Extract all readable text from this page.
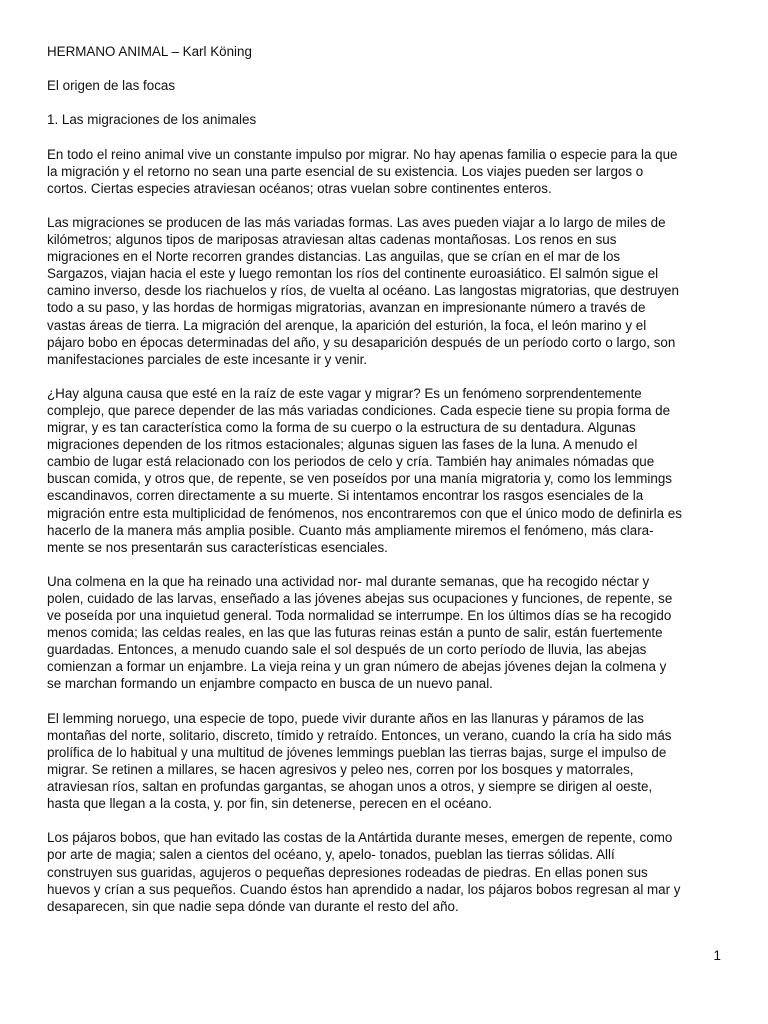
HERMANO ANIMAL – Karl Köning

El origen de las focas

1. Las migraciones de los animales

En todo el reino animal vive un constante impulso por migrar. No hay apenas familia o especie para la que
la migración y el retorno no sean una parte esencial de su existencia. Los viajes pueden ser largos o
cortos. Ciertas especies atraviesan océanos; otras vuelan sobre continentes enteros.

Las migraciones se producen de las más variadas formas. Las aves pueden viajar a lo largo de miles de
kilómetros; algunos tipos de mariposas atraviesan altas cadenas montañosas. Los renos en sus
migraciones en el Norte recorren grandes distancias. Las anguilas, que se crían en el mar de los
Sargazos, viajan hacia el este y luego remontan los ríos del continente euroasiático. El salmón sigue el
camino inverso, desde los riachuelos y ríos, de vuelta al océano. Las langostas migratorias, que destruyen
todo a su paso, y las hordas de hormigas migratorias, avanzan en impresionante número a través de
vastas áreas de tierra. La migración del arenque, la aparición del esturión, la foca, el león marino y el
pájaro bobo en épocas determinadas del año, y su desaparición después de un período corto o largo, son
manifestaciones parciales de este incesante ir y venir.

¿Hay alguna causa que esté en la raíz de este vagar y migrar? Es un fenómeno sorprendentemente
complejo, que parece depender de las más variadas condiciones. Cada especie tiene su propia forma de
migrar, y es tan característica como la forma de su cuerpo o la estructura de su dentadura. Algunas
migraciones dependen de los ritmos estacionales; algunas siguen las fases de la luna. A menudo el
cambio de lugar está relacionado con los periodos de celo y cría. También hay animales nómadas que
buscan comida, y otros que, de repente, se ven poseídos por una manía migratoria y, como los lemmings
escandinavos, corren directamente a su muerte. Si intentamos encontrar los rasgos esenciales de la
migración entre esta multiplicidad de fenómenos, nos encontraremos con que el único modo de definirla es
hacerlo de la manera más amplia posible. Cuanto más ampliamente miremos el fenómeno, más clara-
mente se nos presentarán sus características esenciales.

Una colmena en la que ha reinado una actividad nor- mal durante semanas, que ha recogido néctar y
polen, cuidado de las larvas, enseñado a las jóvenes abejas sus ocupaciones y funciones, de repente, se
ve poseída por una inquietud general. Toda normalidad se interrumpe. En los últimos días se ha recogido
menos comida; las celdas reales, en las que las futuras reinas están a punto de salir, están fuertemente
guardadas. Entonces, a menudo cuando sale el sol después de un corto período de lluvia, las abejas
comienzan a formar un enjambre. La vieja reina y un gran número de abejas jóvenes dejan la colmena y
se marchan formando un enjambre compacto en busca de un nuevo panal.

El lemming noruego, una especie de topo, puede vivir durante años en las llanuras y páramos de las
montañas del norte, solitario, discreto, tímido y retraído. Entonces, un verano, cuando la cría ha sido más
prolífica de lo habitual y una multitud de jóvenes lemmings pueblan las tierras bajas, surge el impulso de
migrar. Se retinen a millares, se hacen agresivos y peleo nes, corren por los bosques y matorrales,
atraviesan ríos, saltan en profundas gargantas, se ahogan unos a otros, y siempre se dirigen al oeste,
hasta que llegan a la costa, y. por fin, sin detenerse, perecen en el océano.

Los pájaros bobos, que han evitado las costas de la Antártida durante meses, emergen de repente, como
por arte de magia; salen a cientos del océano, y, apelo- tonados, pueblan las tierras sólidas. Allí
construyen sus guaridas, agujeros o pequeñas depresiones rodeadas de piedras. En ellas ponen sus
huevos y crían a sus pequeños. Cuando éstos han aprendido a nadar, los pájaros bobos regresan al mar y
desaparecen, sin que nadie sepa dónde van durante el resto del año.

1
